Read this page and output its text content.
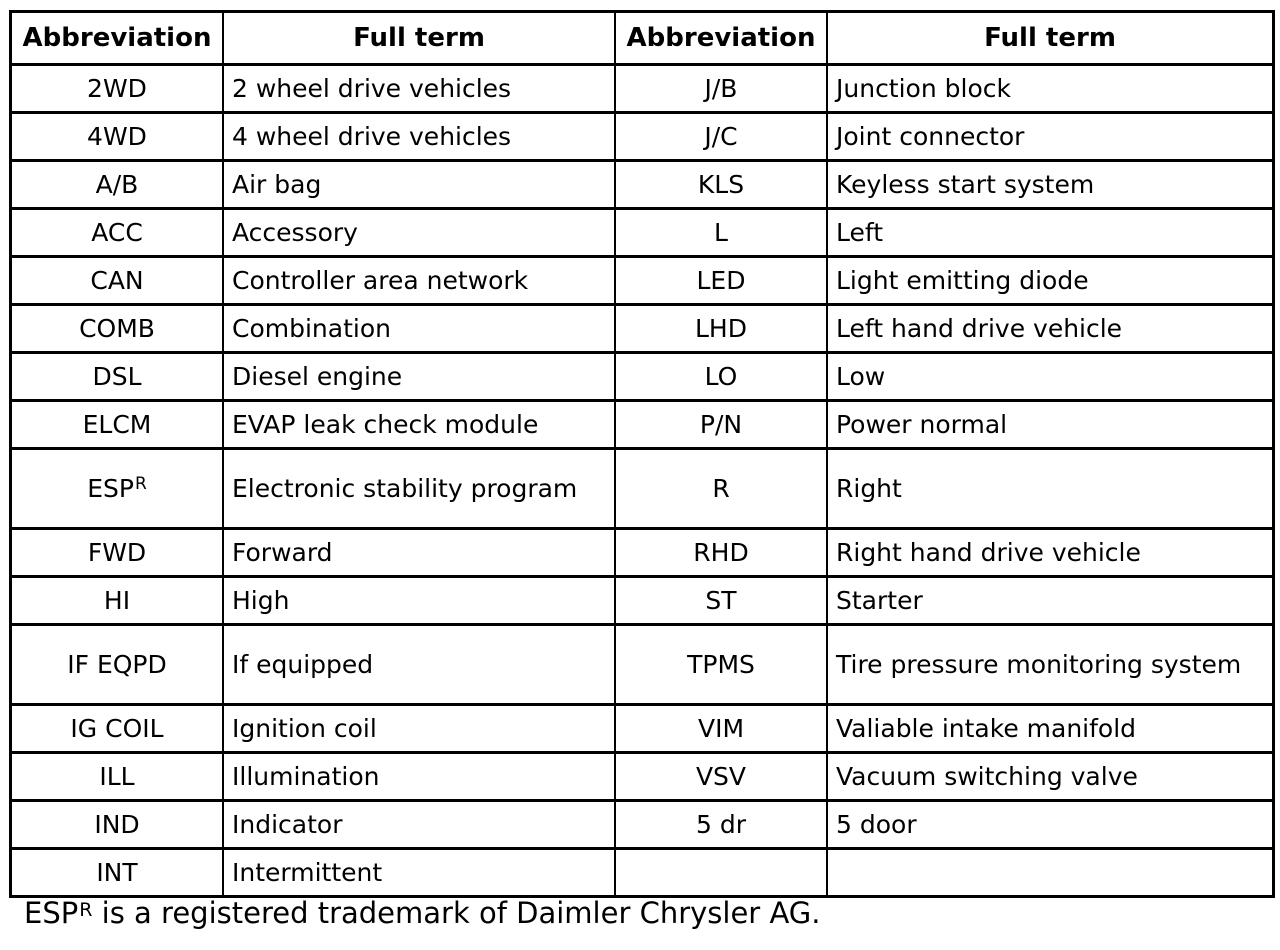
Abbreviation	Full term	Abbreviation	Full term
2WD	2 wheel drive vehicles	J/B	Junction block
4WD	4 wheel drive vehicles	J/C	Joint connector
A/B	Air bag	KLS	Keyless start system
ACC	Accessory	L	Left
CAN	Controller area network	LED	Light emitting diode
COMB	Combination	LHD	Left hand drive vehicle
DSL	Diesel engine	LO	Low
ELCM	EVAP leak check module	P/N	Power normal
$ESP^R$	Electronic stability program	R	Right
FWD	Forward	RHD	Right hand drive vehicle
HI	High	ST	Starter
IF EQPD	If equipped	TPMS	Tire pressure monitoring system
IG COIL	Ignition coil	VIM	Valiable intake manifold
ILL	Illumination	VSV	Vacuum switching valve
IND	Indicator	5 dr	5 door
INT	Intermittent		
$ESP^R$ is a registered trademark of Daimler Chrysler AG.
